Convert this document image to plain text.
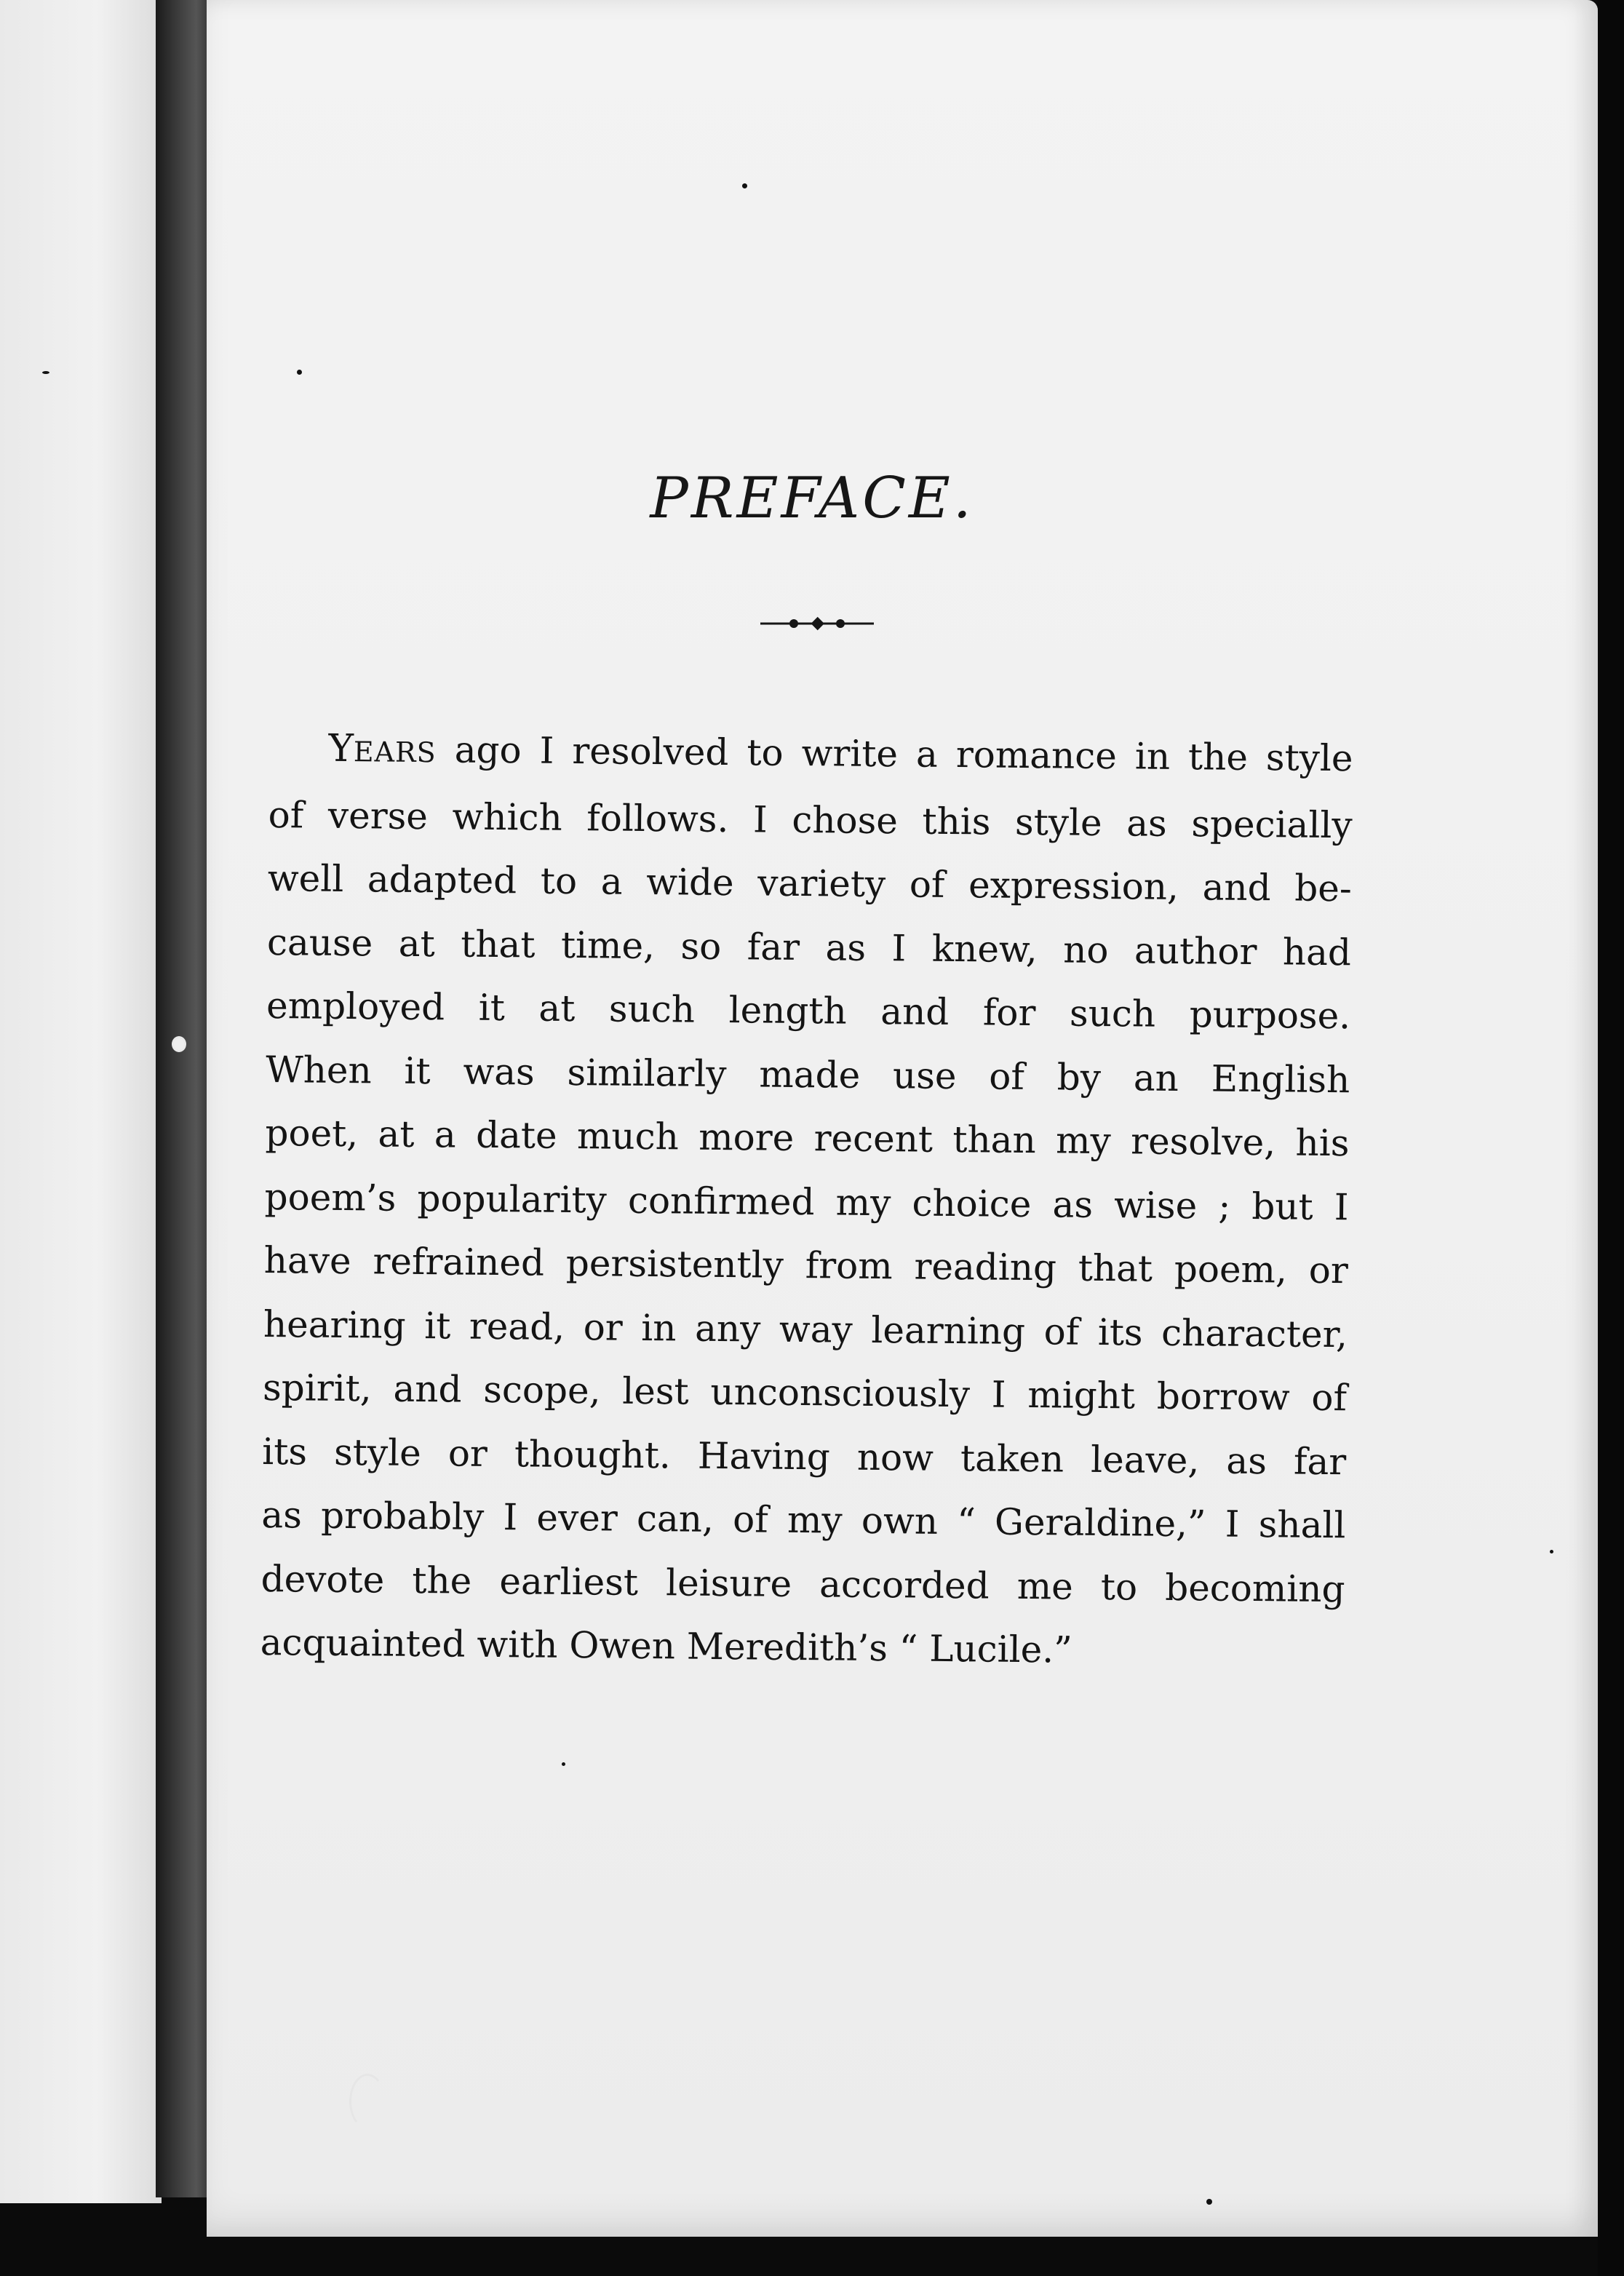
PREFACE.
YEARS ago I resolved to write a romance in the style
of verse which follows. I chose this style as specially
well adapted to a wide variety of expression, and be-
cause at that time, so far as I knew, no author had
employed it at such length and for such purpose.
When it was similarly made use of by an English
poet, at a date much more recent than my resolve, his
poem’s popularity confirmed my choice as wise ; but I
have refrained persistently from reading that poem, or
hearing it read, or in any way learning of its character,
spirit, and scope, lest unconsciously I might borrow of
its style or thought. Having now taken leave, as far
as probably I ever can, of my own “ Geraldine,” I shall
devote the earliest leisure accorded me to becoming
acquainted with Owen Meredith’s “ Lucile.”
